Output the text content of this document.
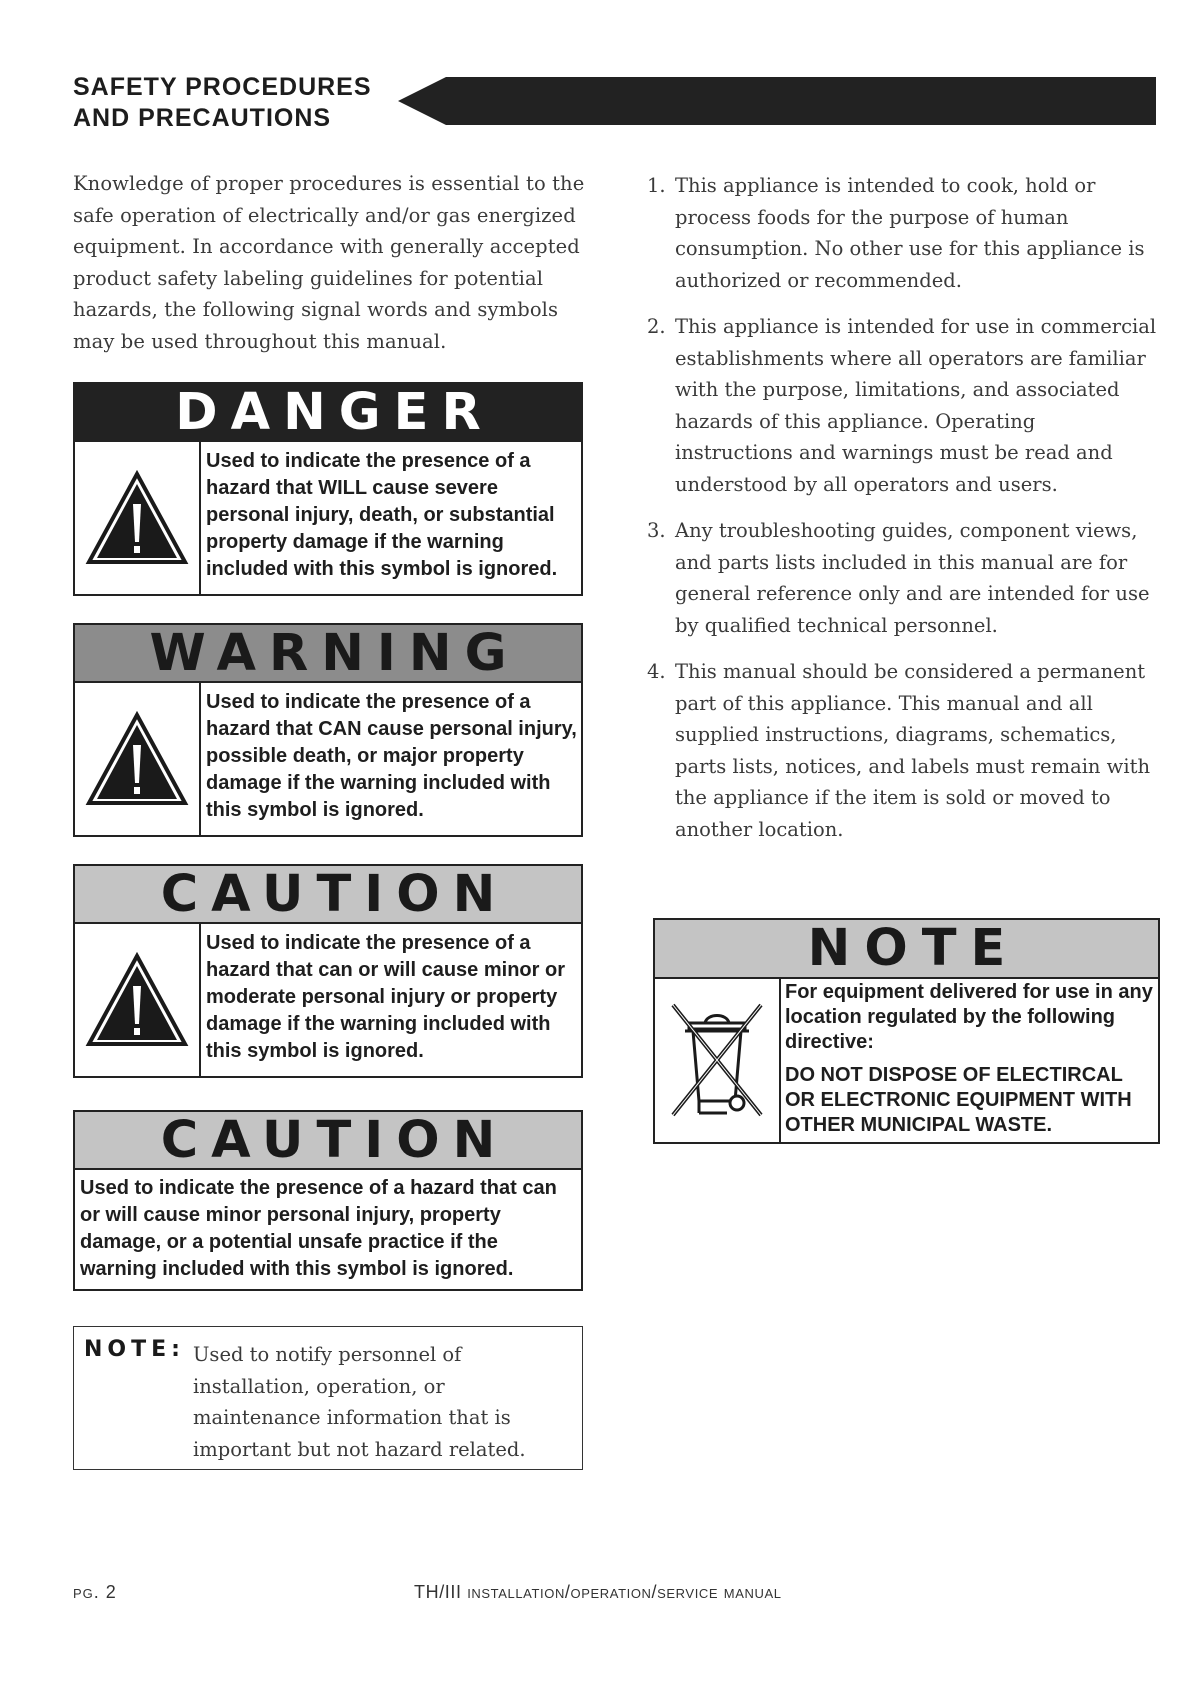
SAFETY PROCEDURES
AND PRECAUTIONS

Knowledge of proper procedures is essential to the safe operation of electrically and/or gas energized equipment. In accordance with generally accepted product safety labeling guidelines for potential hazards, the following signal words and symbols may be used throughout this manual.

DANGER
Used to indicate the presence of a hazard that WILL cause severe personal injury, death, or substantial property damage if the warning included with this symbol is ignored.
WARNING
Used to indicate the presence of a hazard that CAN cause personal injury, possible death, or major property damage if the warning included with this symbol is ignored.
CAUTION
Used to indicate the presence of a hazard that can or will cause minor or moderate personal injury or property damage if the warning included with this symbol is ignored.
CAUTION
Used to indicate the presence of a hazard that can or will cause minor personal injury, property damage, or a potential unsafe practice if the warning included with this symbol is ignored.
NOTE: Used to notify personnel of installation, operation, or maintenance information that is important but not hazard related.
1. This appliance is intended to cook, hold or process foods for the purpose of human consumption. No other use for this appliance is authorized or recommended.
2. This appliance is intended for use in commercial establishments where all operators are familiar with the purpose, limitations, and associated hazards of this appliance. Operating instructions and warnings must be read and understood by all operators and users.
3. Any troubleshooting guides, component views, and parts lists included in this manual are for general reference only and are intended for use by qualified technical personnel.
4. This manual should be considered a permanent part of this appliance. This manual and all supplied instructions, diagrams, schematics, parts lists, notices, and labels must remain with the appliance if the item is sold or moved to another location.
NOTE

For equipment delivered for use in any location regulated by the following directive:

DO NOT DISPOSE OF ELECTIRCAL OR ELECTRONIC EQUIPMENT WITH OTHER MUNICIPAL WASTE.

pg. 2	TH/III installation/operation/service manual
